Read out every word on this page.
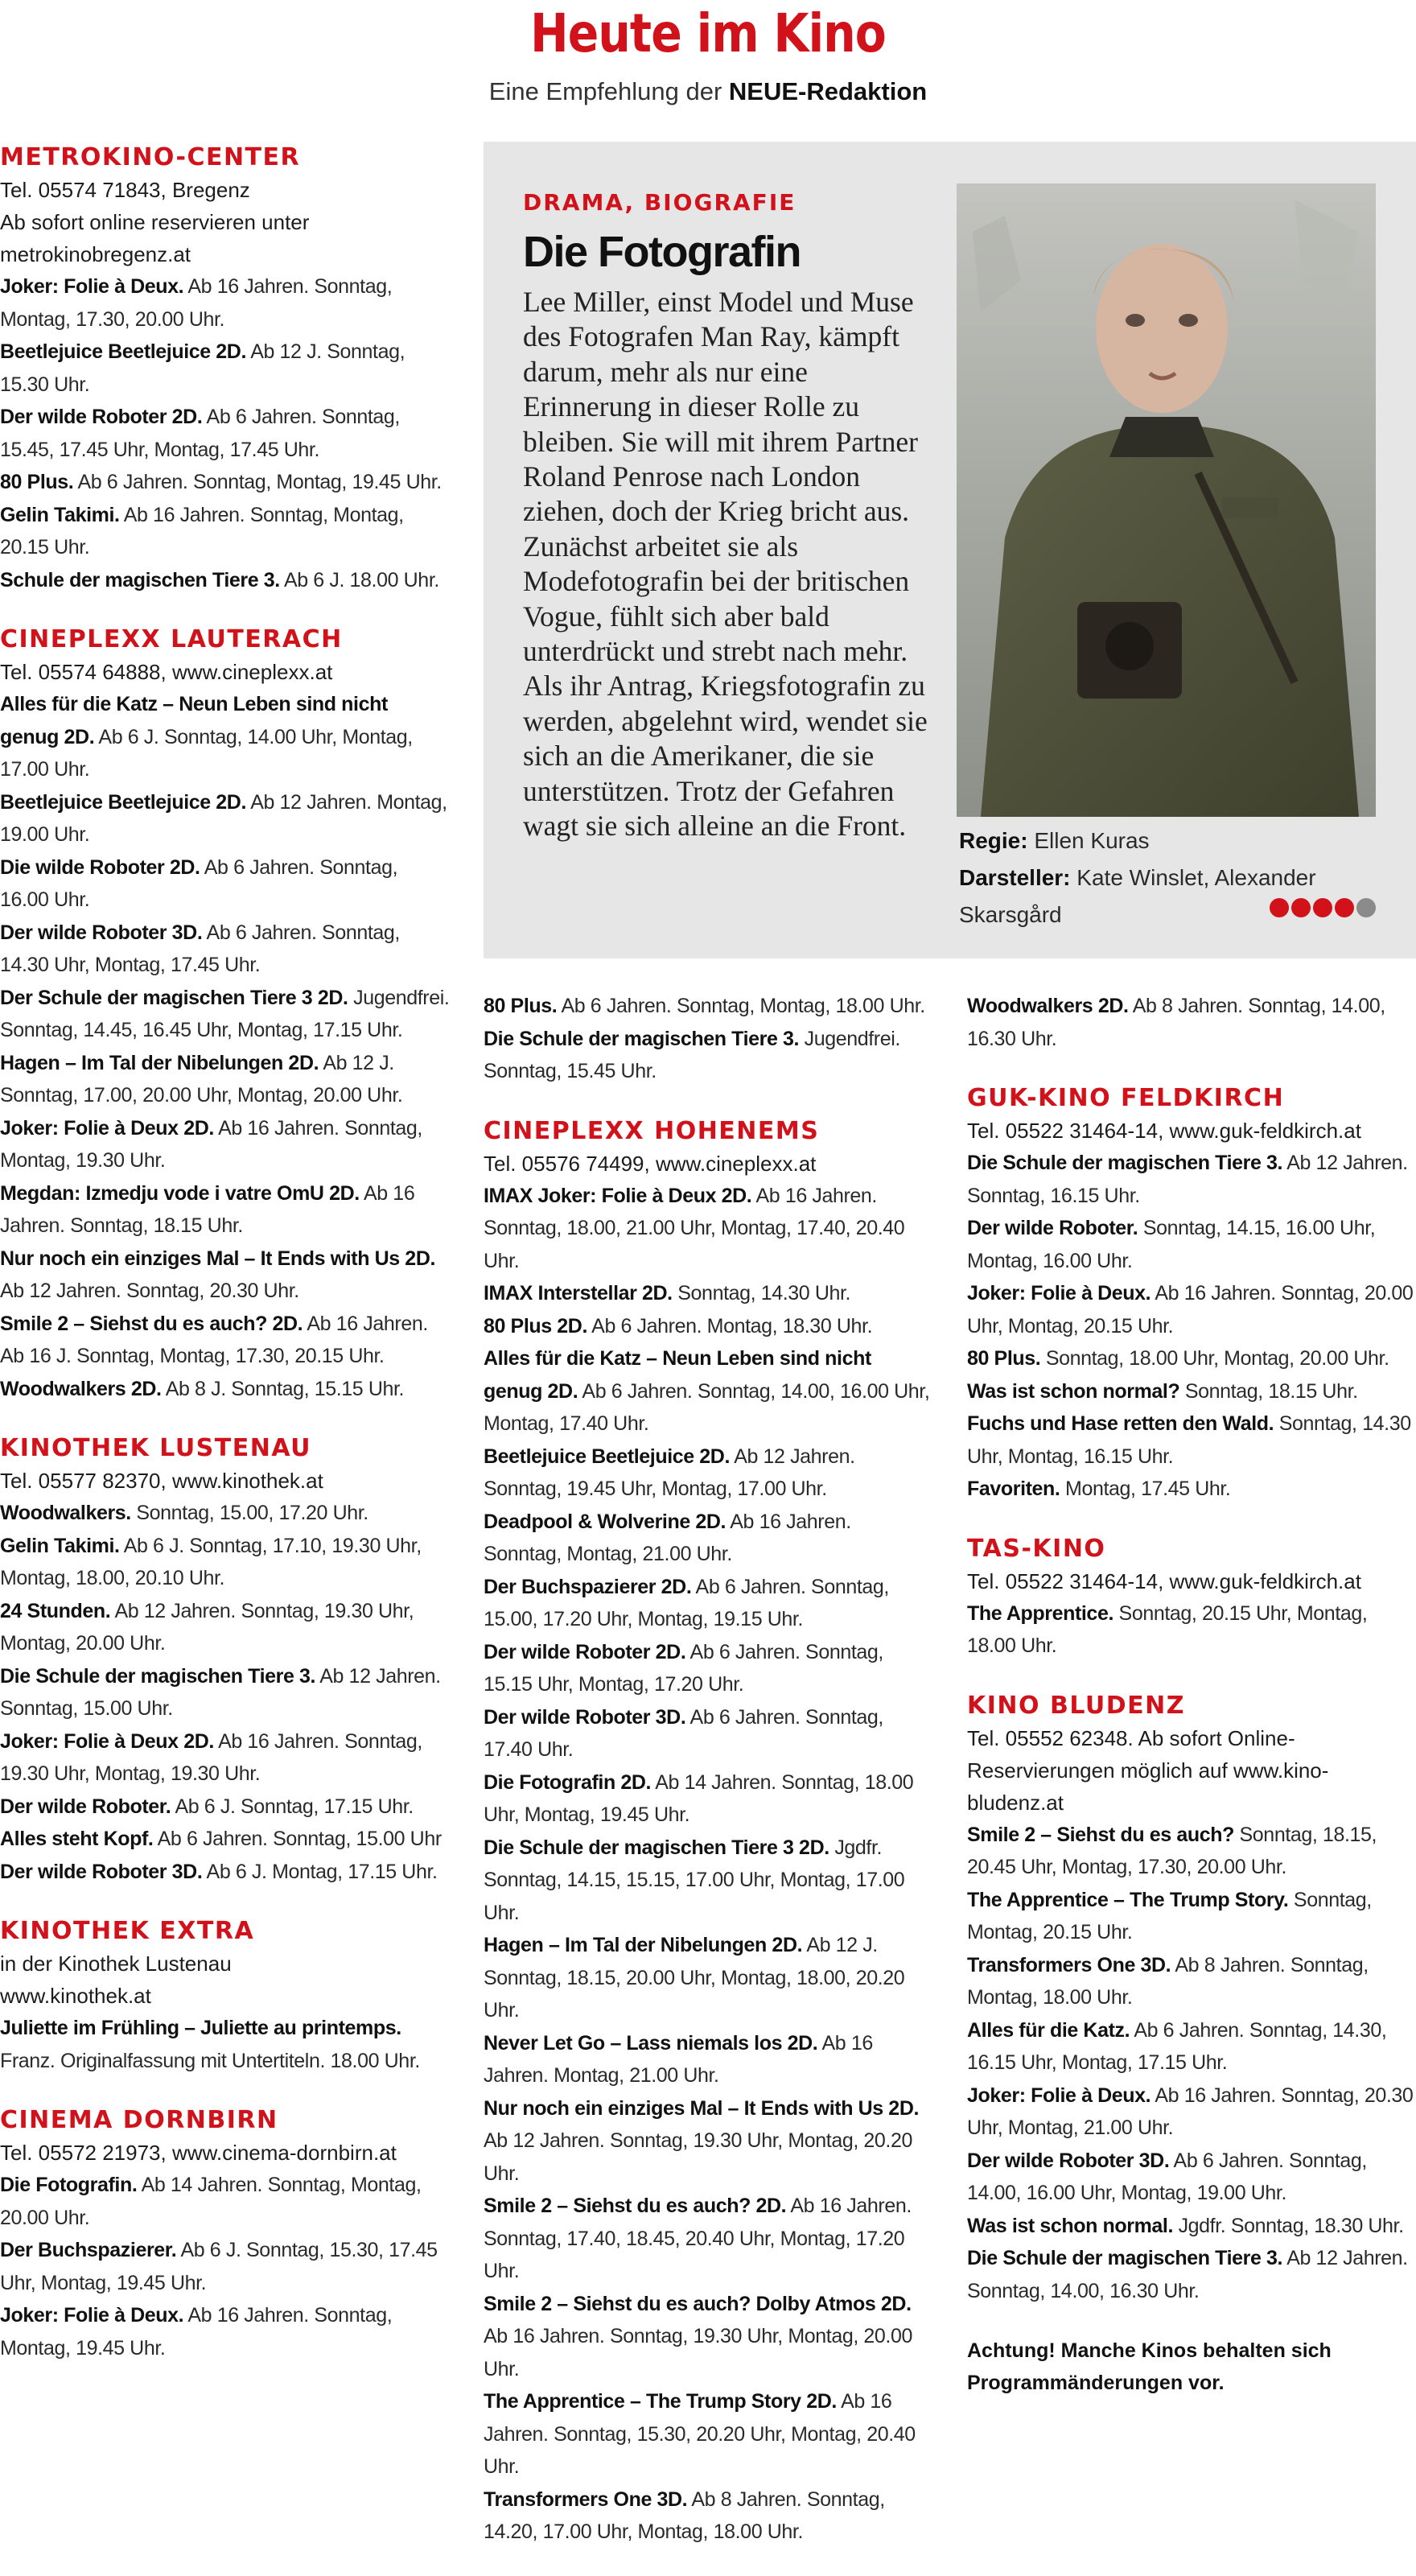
Heute im Kino
Eine Empfehlung der NEUE-Redaktion
METROKINO-CENTER
Tel. 05574 71843, Bregenz
Ab sofort online reservieren unter
metrokinobregenz.at
Joker: Folie à Deux. Ab 16 Jahren. Sonntag, Montag, 17.30, 20.00 Uhr.
Beetlejuice Beetlejuice 2D. Ab 12 J. Sonntag, 15.30 Uhr.
Der wilde Roboter 2D. Ab 6 Jahren. Sonntag, 15.45, 17.45 Uhr, Montag, 17.45 Uhr.
80 Plus. Ab 6 Jahren. Sonntag, Montag, 19.45 Uhr.
Gelin Takimi. Ab 16 Jahren. Sonntag, Montag, 20.15 Uhr.
Schule der magischen Tiere 3. Ab 6 J. 18.00 Uhr.
CINEPLEXX LAUTERACH
Tel. 05574 64888, www.cineplexx.at
Alles für die Katz – Neun Leben sind nicht genug 2D. Ab 6 J. Sonntag, 14.00 Uhr, Montag, 17.00 Uhr.
Beetlejuice Beetlejuice 2D. Ab 12 Jahren. Montag, 19.00 Uhr.
Die wilde Roboter 2D. Ab 6 Jahren. Sonntag, 16.00 Uhr.
Der wilde Roboter 3D. Ab 6 Jahren. Sonntag, 14.30 Uhr, Montag, 17.45 Uhr.
Der Schule der magischen Tiere 3 2D. Jugendfrei. Sonntag, 14.45, 16.45 Uhr, Montag, 17.15 Uhr.
Hagen – Im Tal der Nibelungen 2D. Ab 12 J. Sonntag, 17.00, 20.00 Uhr, Montag, 20.00 Uhr.
Joker: Folie à Deux 2D. Ab 16 Jahren. Sonntag, Montag, 19.30 Uhr.
Megdan: Izmedju vode i vatre OmU 2D. Ab 16 Jahren. Sonntag, 18.15 Uhr.
Nur noch ein einziges Mal – It Ends with Us 2D. Ab 12 Jahren. Sonntag, 20.30 Uhr.
Smile 2 – Siehst du es auch? 2D. Ab 16 Jahren. Ab 16 J. Sonntag, Montag, 17.30, 20.15 Uhr.
Woodwalkers 2D. Ab 8 J. Sonntag, 15.15 Uhr.
KINOTHEK LUSTENAU
Tel. 05577 82370, www.kinothek.at
Woodwalkers. Sonntag, 15.00, 17.20 Uhr.
Gelin Takimi. Ab 6 J. Sonntag, 17.10, 19.30 Uhr, Montag, 18.00, 20.10 Uhr.
24 Stunden. Ab 12 Jahren. Sonntag, 19.30 Uhr, Montag, 20.00 Uhr.
Die Schule der magischen Tiere 3. Ab 12 Jahren. Sonntag, 15.00 Uhr.
Joker: Folie à Deux 2D. Ab 16 Jahren. Sonntag, 19.30 Uhr, Montag, 19.30 Uhr.
Der wilde Roboter. Ab 6 J. Sonntag, 17.15 Uhr.
Alles steht Kopf. Ab 6 Jahren. Sonntag, 15.00 Uhr
Der wilde Roboter 3D. Ab 6 J. Montag, 17.15 Uhr.
KINOTHEK EXTRA
in der Kinothek Lustenau
www.kinothek.at
Juliette im Frühling – Juliette au printemps. Franz. Originalfassung mit Untertiteln. 18.00 Uhr.
CINEMA DORNBIRN
Tel. 05572 21973, www.cinema-dornbirn.at
Die Fotografin. Ab 14 Jahren. Sonntag, Montag, 20.00 Uhr.
Der Buchspazierer. Ab 6 J. Sonntag, 15.30, 17.45 Uhr, Montag, 19.45 Uhr.
Joker: Folie à Deux. Ab 16 Jahren. Sonntag, Montag, 19.45 Uhr.
DRAMA, BIOGRAFIE
Die Fotografin
Lee Miller, einst Model und Muse des Fotografen Man Ray, kämpft darum, mehr als nur eine Erinnerung in dieser Rolle zu bleiben. Sie will mit ihrem Partner Roland Penrose nach London ziehen, doch der Krieg bricht aus. Zunächst arbeitet sie als Modefotografin bei der britischen Vogue, fühlt sich aber bald unterdrückt und strebt nach mehr. Als ihr Antrag, Kriegsfotografin zu werden, abgelehnt wird, wendet sie sich an die Amerikaner, die sie unterstützen. Trotz der Gefahren wagt sie sich alleine an die Front.	Regie: Ellen Kuras
Darsteller: Kate Winslet, Alexander Skarsgård
80 Plus. Ab 6 Jahren. Sonntag, Montag, 18.00 Uhr.
Die Schule der magischen Tiere 3. Jugendfrei. Sonntag, 15.45 Uhr.
CINEPLEXX HOHENEMS
Tel. 05576 74499, www.cineplexx.at
IMAX Joker: Folie à Deux 2D. Ab 16 Jahren. Sonntag, 18.00, 21.00 Uhr, Montag, 17.40, 20.40 Uhr.
IMAX Interstellar 2D. Sonntag, 14.30 Uhr.
80 Plus 2D. Ab 6 Jahren. Montag, 18.30 Uhr.
Alles für die Katz – Neun Leben sind nicht genug 2D. Ab 6 Jahren. Sonntag, 14.00, 16.00 Uhr, Montag, 17.40 Uhr.
Beetlejuice Beetlejuice 2D. Ab 12 Jahren. Sonntag, 19.45 Uhr, Montag, 17.00 Uhr.
Deadpool & Wolverine 2D. Ab 16 Jahren. Sonntag, Montag, 21.00 Uhr.
Der Buchspazierer 2D. Ab 6 Jahren. Sonntag, 15.00, 17.20 Uhr, Montag, 19.15 Uhr.
Der wilde Roboter 2D. Ab 6 Jahren. Sonntag, 15.15 Uhr, Montag, 17.20 Uhr.
Der wilde Roboter 3D. Ab 6 Jahren. Sonntag, 17.40 Uhr.
Die Fotografin 2D. Ab 14 Jahren. Sonntag, 18.00 Uhr, Montag, 19.45 Uhr.
Die Schule der magischen Tiere 3 2D. Jgdfr. Sonntag, 14.15, 15.15, 17.00 Uhr, Montag, 17.00 Uhr.
Hagen – Im Tal der Nibelungen 2D. Ab 12 J. Sonntag, 18.15, 20.00 Uhr, Montag, 18.00, 20.20 Uhr.
Never Let Go – Lass niemals los 2D. Ab 16 Jahren. Montag, 21.00 Uhr.
Nur noch ein einziges Mal – It Ends with Us 2D. Ab 12 Jahren. Sonntag, 19.30 Uhr, Montag, 20.20 Uhr.
Smile 2 – Siehst du es auch? 2D. Ab 16 Jahren. Sonntag, 17.40, 18.45, 20.40 Uhr, Montag, 17.20 Uhr.
Smile 2 – Siehst du es auch? Dolby Atmos 2D. Ab 16 Jahren. Sonntag, 19.30 Uhr, Montag, 20.00 Uhr.
The Apprentice – The Trump Story 2D. Ab 16 Jahren. Sonntag, 15.30, 20.20 Uhr, Montag, 20.40 Uhr.
Transformers One 3D. Ab 8 Jahren. Sonntag, 14.20, 17.00 Uhr, Montag, 18.00 Uhr.
Woodwalkers 2D. Ab 8 Jahren. Sonntag, 14.00, 16.30 Uhr.
GUK-KINO FELDKIRCH
Tel. 05522 31464-14, www.guk-feldkirch.at
Die Schule der magischen Tiere 3. Ab 12 Jahren. Sonntag, 16.15 Uhr.
Der wilde Roboter. Sonntag, 14.15, 16.00 Uhr, Montag, 16.00 Uhr.
Joker: Folie à Deux. Ab 16 Jahren. Sonntag, 20.00 Uhr, Montag, 20.15 Uhr.
80 Plus. Sonntag, 18.00 Uhr, Montag, 20.00 Uhr.
Was ist schon normal? Sonntag, 18.15 Uhr.
Fuchs und Hase retten den Wald. Sonntag, 14.30 Uhr, Montag, 16.15 Uhr.
Favoriten. Montag, 17.45 Uhr.
TAS-KINO
Tel. 05522 31464-14, www.guk-feldkirch.at
The Apprentice. Sonntag, 20.15 Uhr, Montag, 18.00 Uhr.
KINO BLUDENZ
Tel. 05552 62348. Ab sofort Online-Reservierungen möglich auf www.kino-bludenz.at
Smile 2 – Siehst du es auch? Sonntag, 18.15, 20.45 Uhr, Montag, 17.30, 20.00 Uhr.
The Apprentice – The Trump Story. Sonntag, Montag, 20.15 Uhr.
Transformers One 3D. Ab 8 Jahren. Sonntag, Montag, 18.00 Uhr.
Alles für die Katz. Ab 6 Jahren. Sonntag, 14.30, 16.15 Uhr, Montag, 17.15 Uhr.
Joker: Folie à Deux. Ab 16 Jahren. Sonntag, 20.30 Uhr, Montag, 21.00 Uhr.
Der wilde Roboter 3D. Ab 6 Jahren. Sonntag, 14.00, 16.00 Uhr, Montag, 19.00 Uhr.
Was ist schon normal. Jgdfr. Sonntag, 18.30 Uhr.
Die Schule der magischen Tiere 3. Ab 12 Jahren. Sonntag, 14.00, 16.30 Uhr.
Achtung! Manche Kinos behalten sich Programmänderungen vor.
